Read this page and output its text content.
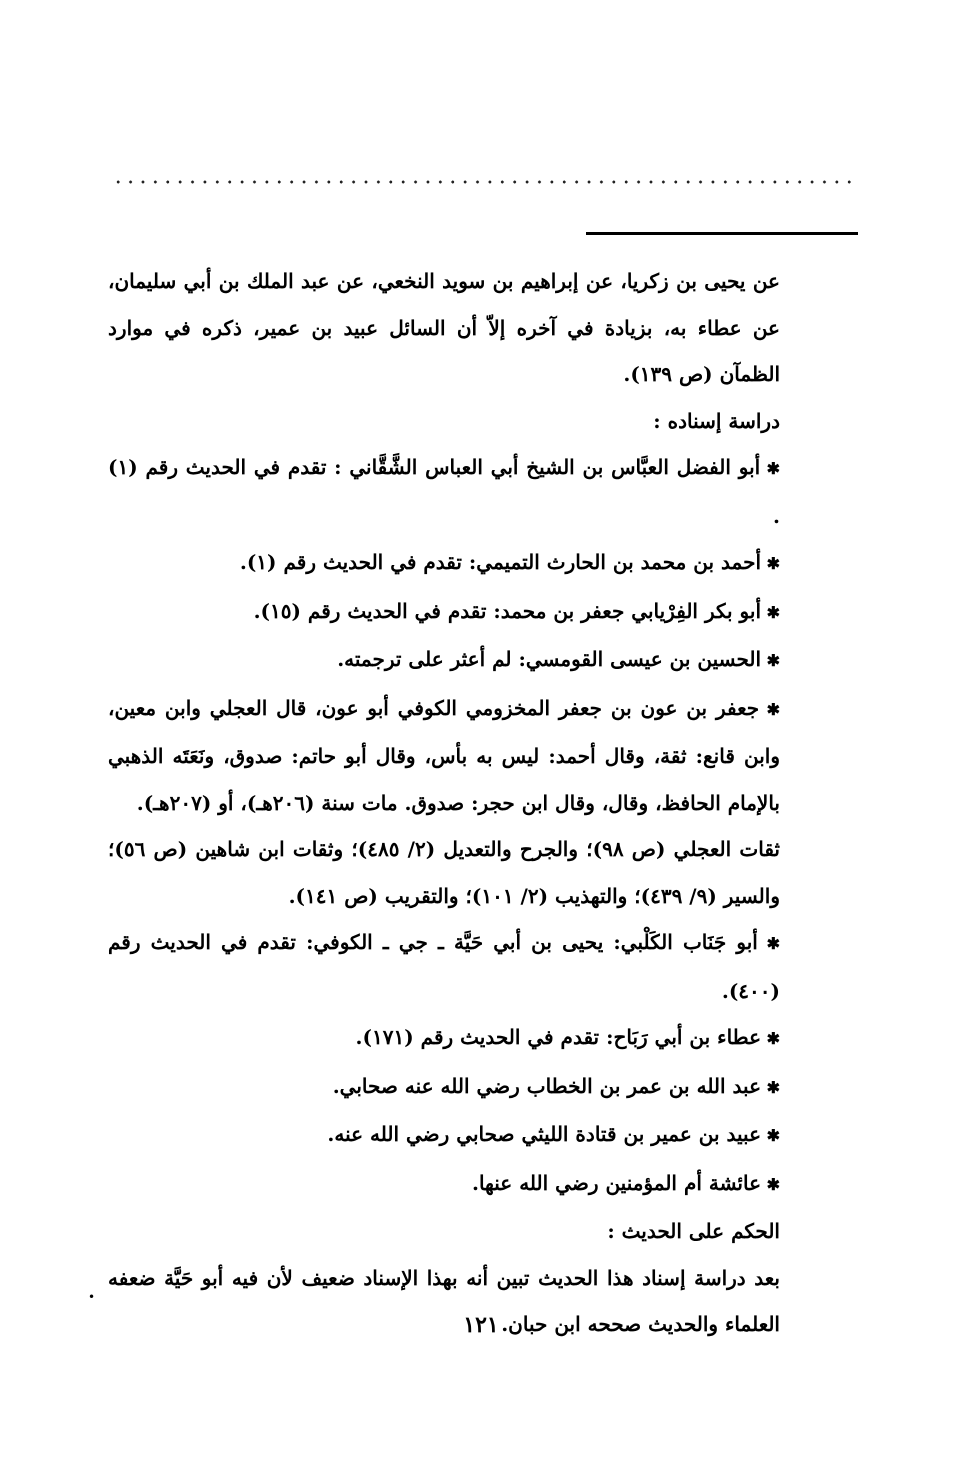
عن يحيى بن زكريا، عن إبراهيم بن سويد النخعي، عن عبد الملك بن أبي سليمان، عن عطاء به، بزيادة في آخره إلاّ أن السائل عبيد بن عمير، ذكره في موارد الظمآن (ص ١٣٩).

دراسة إسناده :

✱ أبو الفضل العبَّاس بن الشيخ أبي العباس الشَّقَّاني : تقدم في الحديث رقم (١) .

✱ أحمد بن محمد بن الحارث التميمي: تقدم في الحديث رقم (١).

✱ أبو بكر الفِرْيابي جعفر بن محمد: تقدم في الحديث رقم (١٥).

✱ الحسين بن عيسى القومسي: لم أعثر على ترجمته.

✱ جعفر بن عون بن جعفر المخزومي الكوفي أبو عون، قال العجلي وابن معين، وابن قانع: ثقة، وقال أحمد: ليس به بأس، وقال أبو حاتم: صدوق، ونَعَتَه الذهبي بالإمام الحافظ، وقال، وقال ابن حجر: صدوق. مات سنة (٢٠٦هـ)، أو (٢٠٧هـ).

ثقات العجلي (ص ٩٨)؛ والجرح والتعديل (٢/ ٤٨٥)؛ وثقات ابن شاهين (ص ٥٦)؛ والسير (٩/ ٤٣٩)؛ والتهذيب (٢/ ١٠١)؛ والتقريب (ص ١٤١).

✱ أبو جَنَاب الكَلْبي: يحيى بن أبي حَيَّة ـ جي ـ الكوفي: تقدم في الحديث رقم (٤٠٠).

✱ عطاء بن أبي رَبَاح: تقدم في الحديث رقم (١٧١).

✱ عبد الله بن عمر بن الخطاب رضي الله عنه صحابي.

✱ عبيد بن عمير بن قتادة الليثي صحابي رضي الله عنه.

✱ عائشة أم المؤمنين رضي الله عنها.

الحكم على الحديث :

بعد دراسة إسناد هذا الحديث تبين أنه بهذا الإسناد ضعيف لأن فيه أبو حَيَّة ضعفه العلماء والحديث صححه ابن حبان.

•
١٢١
